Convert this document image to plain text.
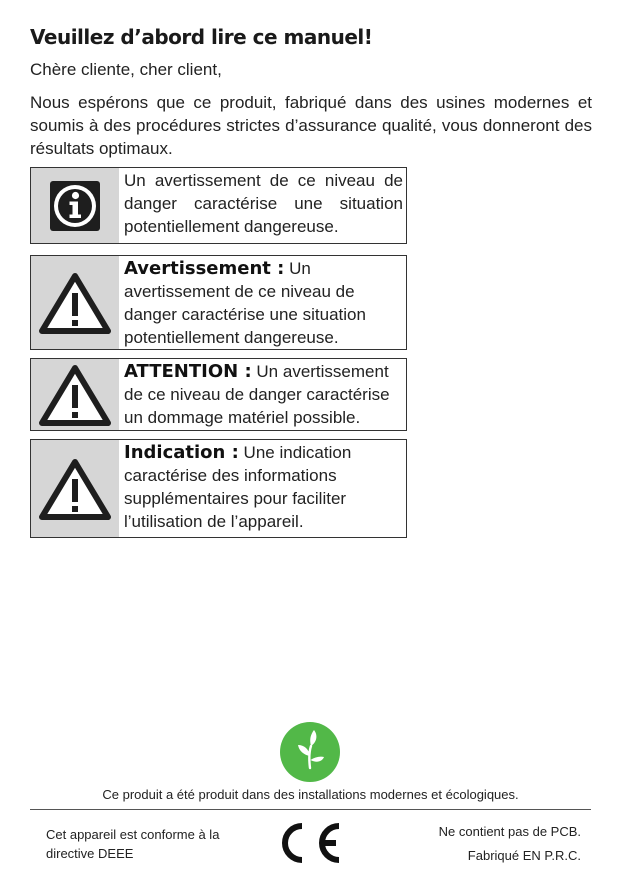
Veuillez d’abord lire ce manuel!
Chère cliente, cher client,
Nous espérons que ce produit, fabriqué dans des usines modernes et soumis à des procédures strictes d’assurance qualité, vous donneront des résultats optimaux.
Un avertissement de ce niveau de danger caractérise une situation potentiellement dangereuse.
Avertissement : Un avertissement de ce niveau de danger caractérise une situation potentiellement dangereuse.
ATTENTION : Un avertissement de ce niveau de danger caractérise un dommage matériel possible.
Indication : Une indication caractérise des informations supplémentaires pour faciliter l’utilisation de l’appareil.
Ce produit a été produit dans des installations modernes et écologiques.
Cet appareil est conforme à la directive DEEE
Ne contient pas de PCB.
Fabriqué EN P.R.C.
